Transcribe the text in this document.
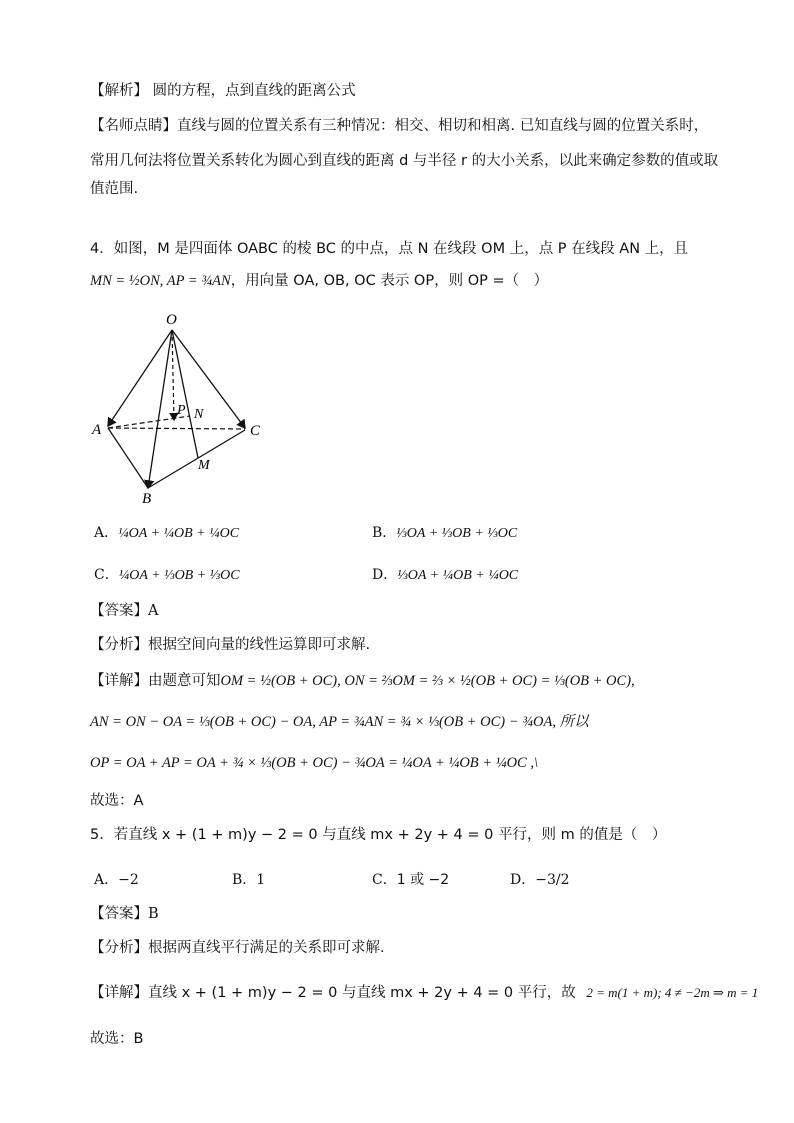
【解析】 圆的方程，点到直线的距离公式
【名师点睛】直线与圆的位置关系有三种情况：相交、相切和相离. 已知直线与圆的位置关系时，
常用几何法将位置关系转化为圆心到直线的距离 d 与半径 r 的大小关系，以此来确定参数的值或取
值范围.
4．如图，M 是四面体 OABC 的棱 BC 的中点，点 N 在线段 OM 上，点 P 在线段 AN 上，且
MN = ½ON, AP = ¾AN，用向量 OA, OB, OC 表示 OP，则 OP =（　）
O
A
B
C
P N
M
A．¼OA + ¼OB + ¼OC	B．⅓OA + ⅓OB + ⅓OC
C．¼OA + ⅓OB + ⅓OC	D．⅓OA + ¼OB + ¼OC
【答案】A
【分析】根据空间向量的线性运算即可求解.
【详解】由题意可知OM = ½(OB + OC), ON = ⅔OM = ⅔ × ½(OB + OC) = ⅓(OB + OC),
AN = ON − OA = ⅓(OB + OC) − OA, AP = ¾AN = ¾ × ⅓(OB + OC) − ¾OA, 所以
OP = OA + AP = OA + ¾ × ⅓(OB + OC) − ¾OA = ¼OA + ¼OB + ¼OC ,\
故选：A
5．若直线 x + (1 + m)y − 2 = 0 与直线 mx + 2y + 4 = 0 平行，则 m 的值是（　）
A．−2	B．1	C．1 或 −2	D．−3/2
【答案】B
【分析】根据两直线平行满足的关系即可求解.
【详解】直线 x + (1 + m)y − 2 = 0 与直线 mx + 2y + 4 = 0 平行，故 2 = m(1 + m); 4 ≠ −2m ⇒ m = 1
故选：B
